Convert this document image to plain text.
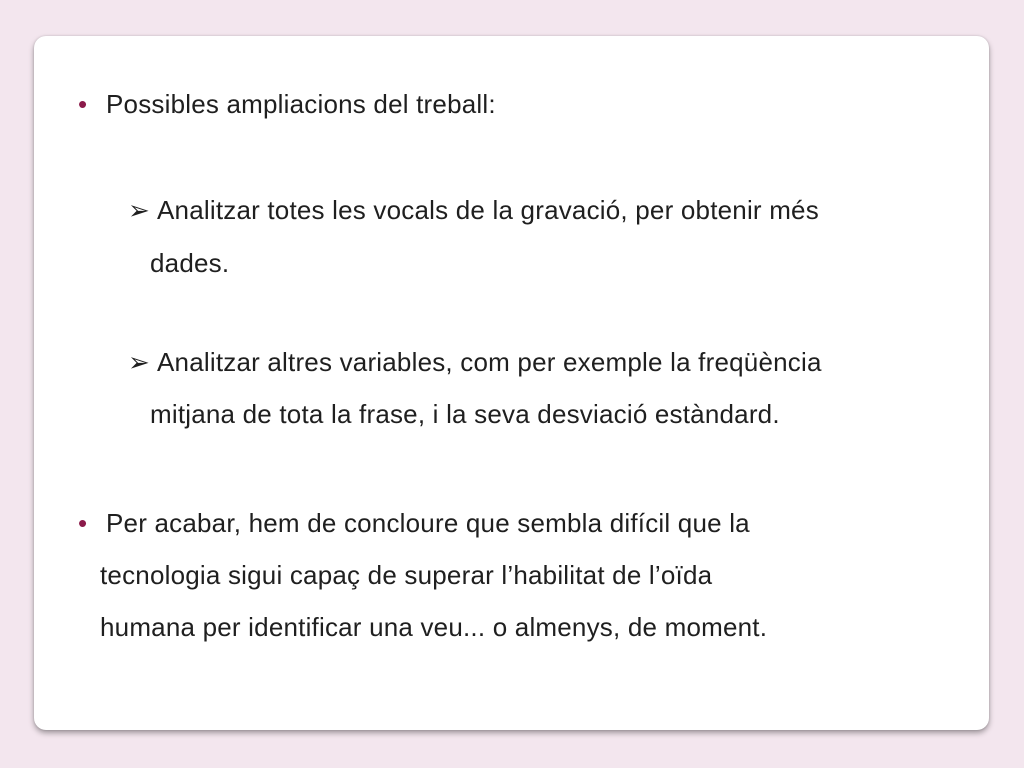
• Possibles ampliacions del treball:
➢ Analitzar totes les vocals de la gravació, per obtenir més
dades.
➢ Analitzar altres variables, com per exemple la freqüència
mitjana de tota la frase, i la seva desviació estàndard.
• Per acabar, hem de concloure que sembla difícil que la
tecnologia sigui capaç de superar l’habilitat de l’oïda
humana per identificar una veu... o almenys, de moment.
